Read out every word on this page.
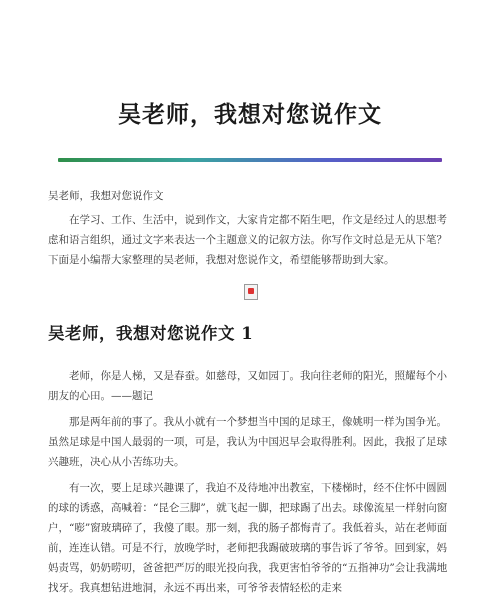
吴老师，我想对您说作文

吴老师，我想对您说作文

在学习、工作、生活中，说到作文，大家肯定都不陌生吧，作文是经过人的思想考虑和语言组织，通过文字来表达一个主题意义的记叙方法。你写作文时总是无从下笔？下面是小编帮大家整理的吴老师，我想对您说作文，希望能够帮助到大家。

吴老师，我想对您说作文 1

老师，你是人梯，又是春蚕。如慈母，又如园丁。我向往老师的阳光，照耀每个小朋友的心田。——题记

那是两年前的事了。我从小就有一个梦想当中国的足球王，像姚明一样为国争光。虽然足球是中国人最弱的一项，可是，我认为中国迟早会取得胜利。因此，我报了足球兴趣班，决心从小苦练功夫。

有一次，要上足球兴趣课了，我迫不及待地冲出教室，下楼梯时，经不住怀中圆圆的球的诱惑，高喊着：“昆仑三脚”，就飞起一脚，把球踢了出去。球像流星一样射向窗户，“嘭”窗玻璃碎了，我傻了眼。那一刻，我的肠子都悔青了。我低着头，站在老师面前，连连认错。可是不行，放晚学时，老师把我踢破玻璃的事告诉了爷爷。回到家，妈妈责骂，奶奶唠叨，爸爸把严厉的眼光投向我，我更害怕爷爷的“五指神功”会让我满地找牙。我真想钻进地洞，永远不再出来，可爷爷表情轻松的走来
